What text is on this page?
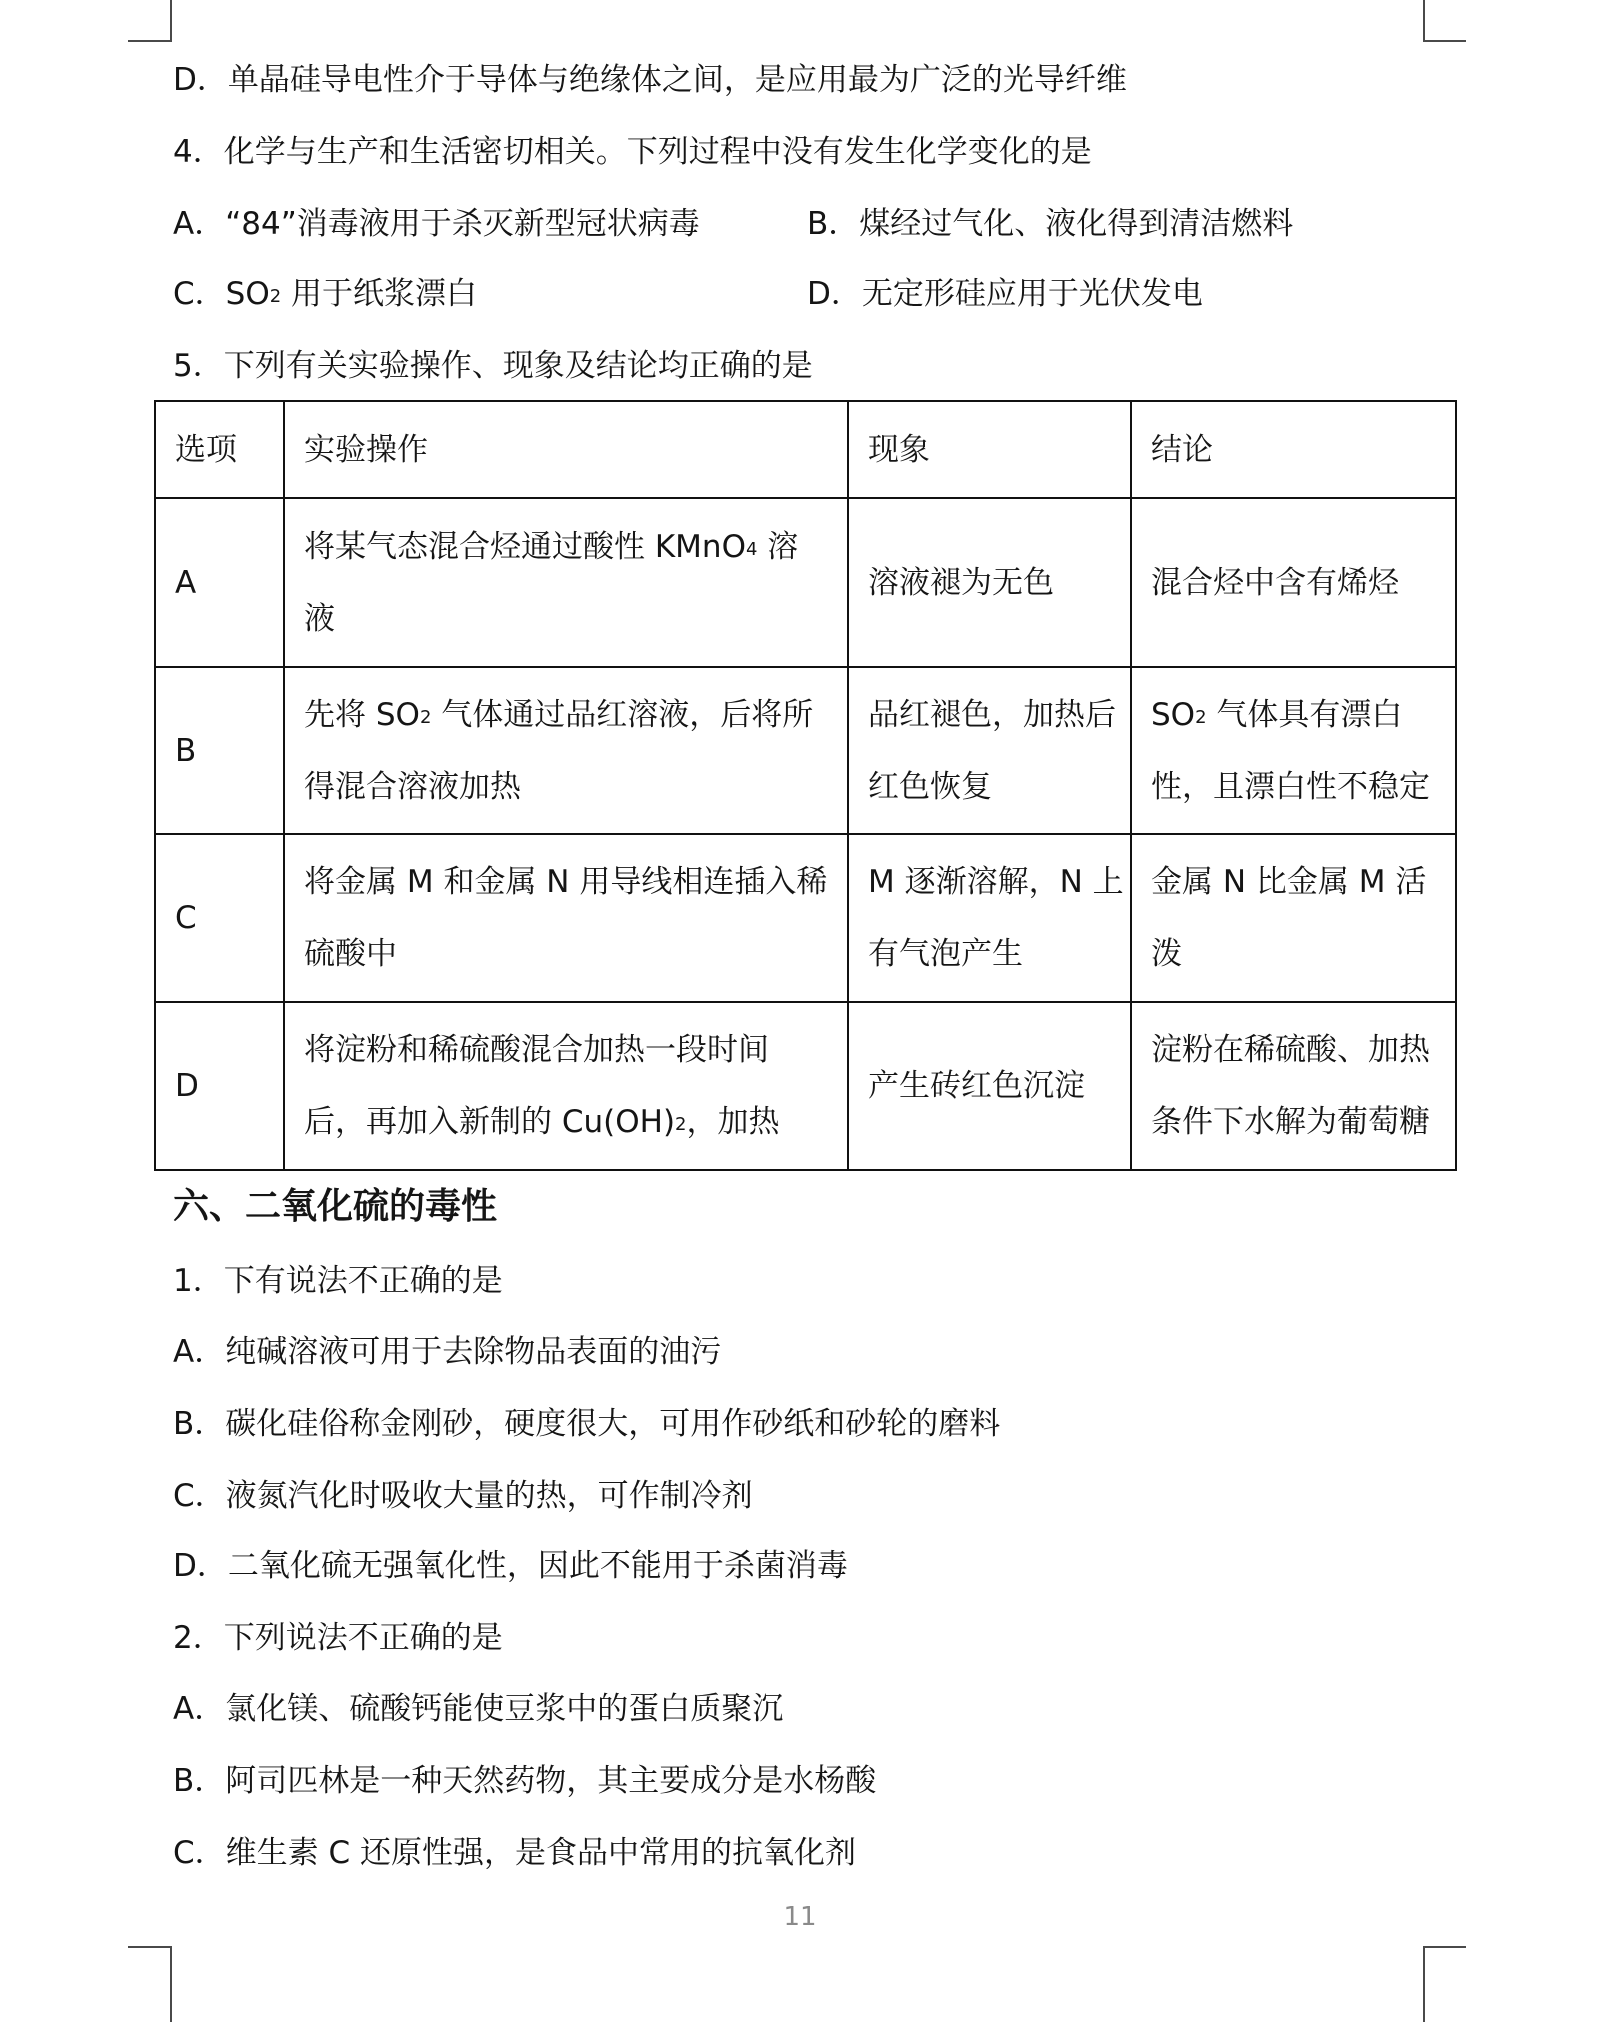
D．单晶硅导电性介于导体与绝缘体之间，是应用最为广泛的光导纤维
4．化学与生产和生活密切相关。下列过程中没有发生化学变化的是
A．“84”消毒液用于杀灭新型冠状病毒	B．煤经过气化、液化得到清洁燃料
C．SO2 用于纸浆漂白	D．无定形硅应用于光伏发电
5．下列有关实验操作、现象及结论均正确的是
选项	实验操作	现象	结论

A	将某气态混合烃通过酸性 KMnO4 溶
液	溶液褪为无色	混合烃中含有烯烃

B	先将 SO2 气体通过品红溶液，后将所
得混合溶液加热	品红褪色，加热后
红色恢复	SO2 气体具有漂白
性，且漂白性不稳定

C	将金属 M 和金属 N 用导线相连插入稀
硫酸中	M 逐渐溶解，N 上
有气泡产生	金属 N 比金属 M 活
泼

D	将淀粉和稀硫酸混合加热一段时间
后，再加入新制的 Cu(OH)2，加热	产生砖红色沉淀	淀粉在稀硫酸、加热
条件下水解为葡萄糖
六、二氧化硫的毒性
1．下有说法不正确的是
A．纯碱溶液可用于去除物品表面的油污
B．碳化硅俗称金刚砂，硬度很大，可用作砂纸和砂轮的磨料
C．液氮汽化时吸收大量的热，可作制冷剂
D．二氧化硫无强氧化性，因此不能用于杀菌消毒
2．下列说法不正确的是
A．氯化镁、硫酸钙能使豆浆中的蛋白质聚沉
B．阿司匹林是一种天然药物，其主要成分是水杨酸
C．维生素 C 还原性强，是食品中常用的抗氧化剂
11
